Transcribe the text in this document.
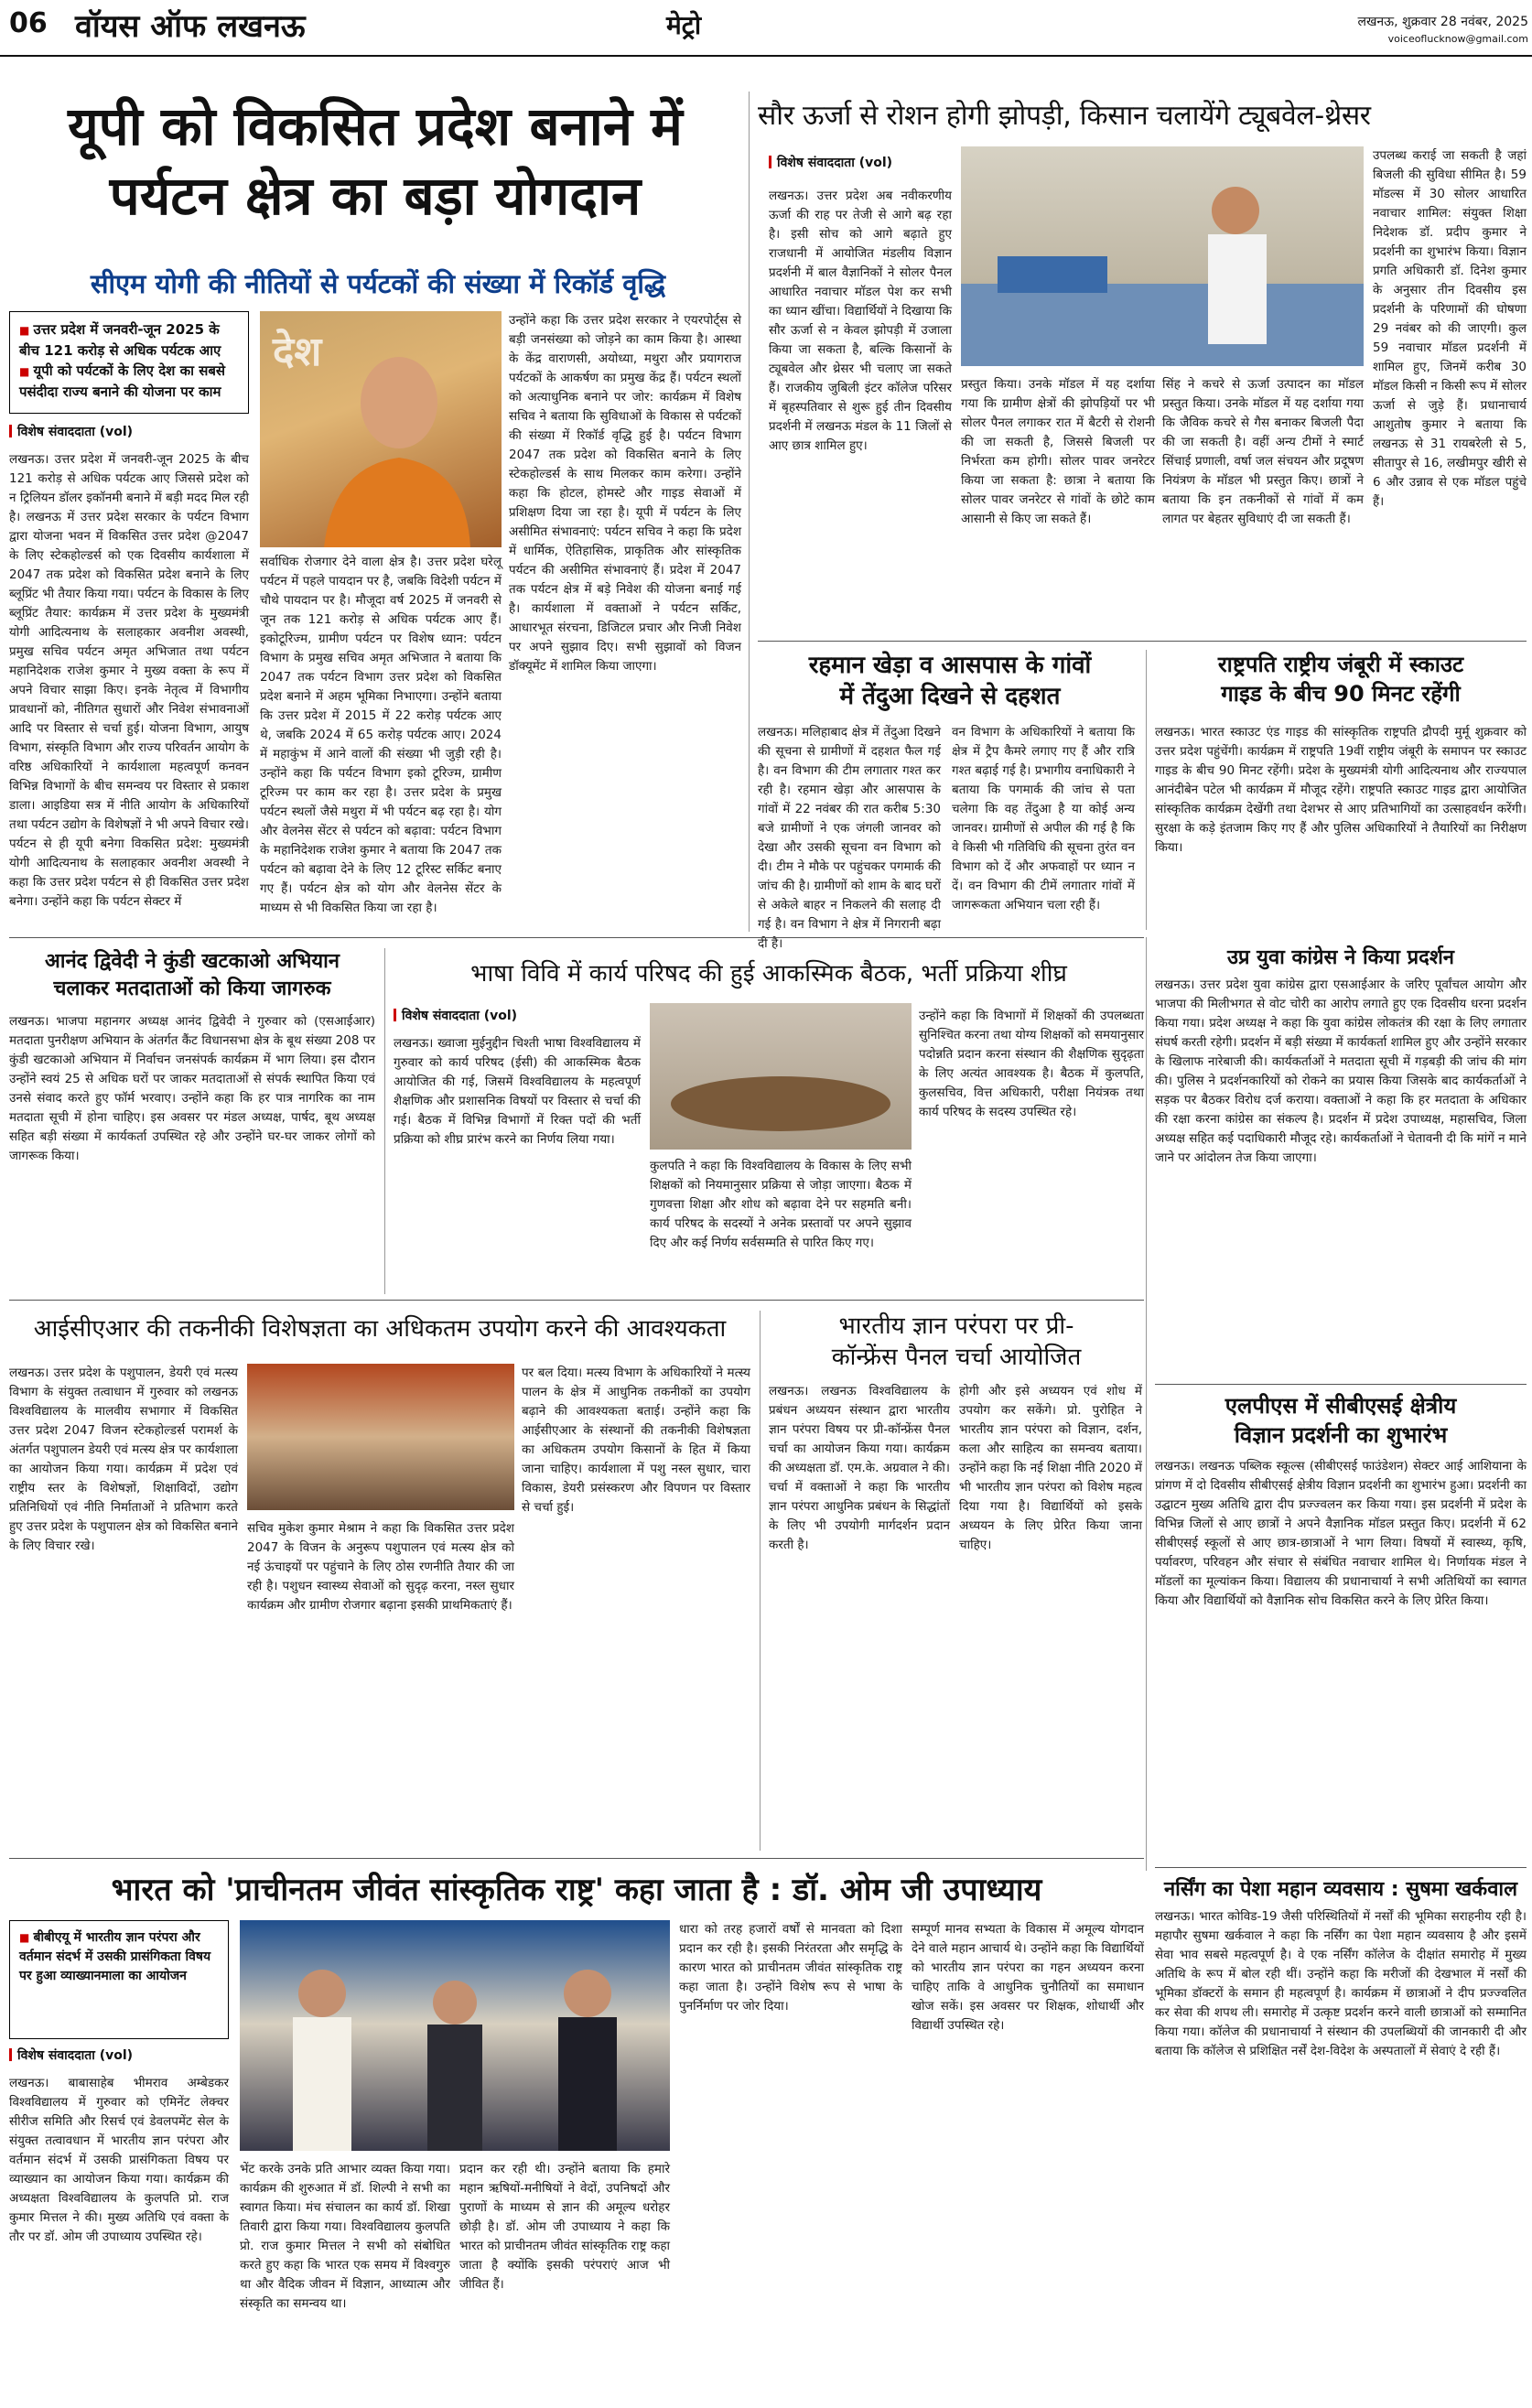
06 वॉयस ऑफ लखनऊ	मेट्रो	लखनऊ, शुक्रवार 28 नवंबर, 2025
voiceoflucknow@gmail.com
यूपी को विकसित प्रदेश बनाने में
पर्यटन क्षेत्र का बड़ा योगदान
सीएम योगी की नीतियों से पर्यटकों की संख्या में रिकॉर्ड वृद्धि
■ उत्तर प्रदेश में जनवरी-जून 2025 के बीच 121 करोड़ से अधिक पर्यटक आए
■ यूपी को पर्यटकों के लिए देश का सबसे पसंदीदा राज्य बनाने की योजना पर काम
विशेष संवाददाता (vol)
लखनऊ। उत्तर प्रदेश में जनवरी-जून 2025 के बीच 121 करोड़ से अधिक पर्यटक आए जिससे प्रदेश को न ट्रिलियन डॉलर इकॉनमी बनाने में बड़ी मदद मिल रही है। लखनऊ में उत्तर प्रदेश सरकार के पर्यटन विभाग द्वारा योजना भवन में विकसित उत्तर प्रदेश @2047 के लिए स्टेकहोल्डर्स को एक दिवसीय कार्यशाला में 2047 तक प्रदेश को विकसित प्रदेश बनाने के लिए ब्लूप्रिंट भी तैयार किया गया। पर्यटन के विकास के लिए ब्लूप्रिंट तैयार: कार्यक्रम में उत्तर प्रदेश के मुख्यमंत्री योगी आदित्यनाथ के सलाहकार अवनीश अवस्थी, प्रमुख सचिव पर्यटन अमृत अभिजात तथा पर्यटन महानिदेशक राजेश कुमार ने मुख्य वक्ता के रूप में अपने विचार साझा किए। इनके नेतृत्व में विभागीय प्रावधानों को, नीतिगत सुधारों और निवेश संभावनाओं आदि पर विस्तार से चर्चा हुई। योजना विभाग, आयुष विभाग, संस्कृति विभाग और राज्य परिवर्तन आयोग के वरिष्ठ अधिकारियों ने कार्यशाला महत्वपूर्ण कनवन विभिन्न विभागों के बीच समन्वय पर विस्तार से प्रकाश डाला। आइडिया सत्र में नीति आयोग के अधिकारियों तथा पर्यटन उद्योग के विशेषज्ञों ने भी अपने विचार रखे। पर्यटन से ही यूपी बनेगा विकसित प्रदेश: मुख्यमंत्री योगी आदित्यनाथ के सलाहकार अवनीश अवस्थी ने कहा कि उत्तर प्रदेश पर्यटन से ही विकसित उत्तर प्रदेश बनेगा। उन्होंने कहा कि पर्यटन सेक्टर में
देश
सर्वाधिक रोजगार देने वाला क्षेत्र है। उत्तर प्रदेश घरेलू पर्यटन में पहले पायदान पर है, जबकि विदेशी पर्यटन में चौथे पायदान पर है। मौजूदा वर्ष 2025 में जनवरी से जून तक 121 करोड़ से अधिक पर्यटक आए हैं। इकोटूरिज्म, ग्रामीण पर्यटन पर विशेष ध्यान: पर्यटन विभाग के प्रमुख सचिव अमृत अभिजात ने बताया कि 2047 तक पर्यटन विभाग उत्तर प्रदेश को विकसित प्रदेश बनाने में अहम भूमिका निभाएगा। उन्होंने बताया कि उत्तर प्रदेश में 2015 में 22 करोड़ पर्यटक आए थे, जबकि 2024 में 65 करोड़ पर्यटक आए। 2024 में महाकुंभ में आने वालों की संख्या भी जुड़ी रही है। उन्होंने कहा कि पर्यटन विभाग इको टूरिज्म, ग्रामीण टूरिज्म पर काम कर रहा है। उत्तर प्रदेश के प्रमुख पर्यटन स्थलों जैसे मथुरा में भी पर्यटन बढ़ रहा है। योग और वेलनेस सेंटर से पर्यटन को बढ़ावा: पर्यटन विभाग के महानिदेशक राजेश कुमार ने बताया कि 2047 तक पर्यटन को बढ़ावा देने के लिए 12 टूरिस्ट सर्किट बनाए गए हैं। पर्यटन क्षेत्र को योग और वेलनेस सेंटर के माध्यम से भी विकसित किया जा रहा है।
उन्होंने कहा कि उत्तर प्रदेश सरकार ने एयरपोर्ट्स से बड़ी जनसंख्या को जोड़ने का काम किया है। आस्था के केंद्र वाराणसी, अयोध्या, मथुरा और प्रयागराज पर्यटकों के आकर्षण का प्रमुख केंद्र हैं। पर्यटन स्थलों को अत्याधुनिक बनाने पर जोर: कार्यक्रम में विशेष सचिव ने बताया कि सुविधाओं के विकास से पर्यटकों की संख्या में रिकॉर्ड वृद्धि हुई है। पर्यटन विभाग 2047 तक प्रदेश को विकसित बनाने के लिए स्टेकहोल्डर्स के साथ मिलकर काम करेगा। उन्होंने कहा कि होटल, होमस्टे और गाइड सेवाओं में प्रशिक्षण दिया जा रहा है। यूपी में पर्यटन के लिए असीमित संभावनाएं: पर्यटन सचिव ने कहा कि प्रदेश में धार्मिक, ऐतिहासिक, प्राकृतिक और सांस्कृतिक पर्यटन की असीमित संभावनाएं हैं। प्रदेश में 2047 तक पर्यटन क्षेत्र में बड़े निवेश की योजना बनाई गई है। कार्यशाला में वक्ताओं ने पर्यटन सर्किट, आधारभूत संरचना, डिजिटल प्रचार और निजी निवेश पर अपने सुझाव दिए। सभी सुझावों को विजन डॉक्यूमेंट में शामिल किया जाएगा।
सौर ऊर्जा से रोशन होगी झोपड़ी, किसान चलायेंगे ट्यूबवेल-थ्रेसर
विशेष संवाददाता (vol)
लखनऊ। उत्तर प्रदेश अब नवीकरणीय ऊर्जा की राह पर तेजी से आगे बढ़ रहा है। इसी सोच को आगे बढ़ाते हुए राजधानी में आयोजित मंडलीय विज्ञान प्रदर्शनी में बाल वैज्ञानिकों ने सोलर पैनल आधारित नवाचार मॉडल पेश कर सभी का ध्यान खींचा। विद्यार्थियों ने दिखाया कि सौर ऊर्जा से न केवल झोपड़ी में उजाला किया जा सकता है, बल्कि किसानों के ट्यूबवेल और थ्रेसर भी चलाए जा सकते हैं। राजकीय जुबिली इंटर कॉलेज परिसर में बृहस्पतिवार से शुरू हुई तीन दिवसीय प्रदर्शनी में लखनऊ मंडल के 11 जिलों से आए छात्र शामिल हुए।
प्रस्तुत किया। उनके मॉडल में यह दर्शाया गया कि ग्रामीण क्षेत्रों की झोपड़ियों पर भी सोलर पैनल लगाकर रात में बैटरी से रोशनी की जा सकती है, जिससे बिजली पर निर्भरता कम होगी। सोलर पावर जनरेटर किया जा सकता है: छात्रा ने बताया कि सोलर पावर जनरेटर से गांवों के छोटे काम आसानी से किए जा सकते हैं।
सिंह ने कचरे से ऊर्जा उत्पादन का मॉडल प्रस्तुत किया। उनके मॉडल में यह दर्शाया गया कि जैविक कचरे से गैस बनाकर बिजली पैदा की जा सकती है। वहीं अन्य टीमों ने स्मार्ट सिंचाई प्रणाली, वर्षा जल संचयन और प्रदूषण नियंत्रण के मॉडल भी प्रस्तुत किए। छात्रों ने बताया कि इन तकनीकों से गांवों में कम लागत पर बेहतर सुविधाएं दी जा सकती हैं।
उपलब्ध कराई जा सकती है जहां बिजली की सुविधा सीमित है। 59 मॉडल्स में 30 सोलर आधारित नवाचार शामिल: संयुक्त शिक्षा निदेशक डॉ. प्रदीप कुमार ने प्रदर्शनी का शुभारंभ किया। विज्ञान प्रगति अधिकारी डॉ. दिनेश कुमार के अनुसार तीन दिवसीय इस प्रदर्शनी के परिणामों की घोषणा 29 नवंबर को की जाएगी। कुल 59 नवाचार मॉडल प्रदर्शनी में शामिल हुए, जिनमें करीब 30 मॉडल किसी न किसी रूप में सोलर ऊर्जा से जुड़े हैं। प्रधानाचार्य आशुतोष कुमार ने बताया कि लखनऊ से 31 रायबरेली से 5, सीतापुर से 16, लखीमपुर खीरी से 6 और उन्नाव से एक मॉडल पहुंचे हैं।
रहमान खेड़ा व आसपास के गांवों
में तेंदुआ दिखने से दहशत
लखनऊ। मलिहाबाद क्षेत्र में तेंदुआ दिखने की सूचना से ग्रामीणों में दहशत फैल गई है। वन विभाग की टीम लगातार गश्त कर रही है। रहमान खेड़ा और आसपास के गांवों में 22 नवंबर की रात करीब 5:30 बजे ग्रामीणों ने एक जंगली जानवर को देखा और उसकी सूचना वन विभाग को दी। टीम ने मौके पर पहुंचकर पगमार्क की जांच की है। ग्रामीणों को शाम के बाद घरों से अकेले बाहर न निकलने की सलाह दी गई है। वन विभाग ने क्षेत्र में निगरानी बढ़ा दी है।
वन विभाग के अधिकारियों ने बताया कि क्षेत्र में ट्रैप कैमरे लगाए गए हैं और रात्रि गश्त बढ़ाई गई है। प्रभागीय वनाधिकारी ने बताया कि पगमार्क की जांच से पता चलेगा कि वह तेंदुआ है या कोई अन्य जानवर। ग्रामीणों से अपील की गई है कि वे किसी भी गतिविधि की सूचना तुरंत वन विभाग को दें और अफवाहों पर ध्यान न दें। वन विभाग की टीमें लगातार गांवों में जागरूकता अभियान चला रही हैं।
राष्ट्रपति राष्ट्रीय जंबूरी में स्काउट
गाइड के बीच 90 मिनट रहेंगी
लखनऊ। भारत स्काउट एंड गाइड की सांस्कृतिक राष्ट्रपति द्रौपदी मुर्मू शुक्रवार को उत्तर प्रदेश पहुंचेंगी। कार्यक्रम में राष्ट्रपति 19वीं राष्ट्रीय जंबूरी के समापन पर स्काउट गाइड के बीच 90 मिनट रहेंगी। प्रदेश के मुख्यमंत्री योगी आदित्यनाथ और राज्यपाल आनंदीबेन पटेल भी कार्यक्रम में मौजूद रहेंगे। राष्ट्रपति स्काउट गाइड द्वारा आयोजित सांस्कृतिक कार्यक्रम देखेंगी तथा देशभर से आए प्रतिभागियों का उत्साहवर्धन करेंगी। सुरक्षा के कड़े इंतजाम किए गए हैं और पुलिस अधिकारियों ने तैयारियों का निरीक्षण किया।
आनंद द्विवेदी ने कुंडी खटकाओ अभियान
चलाकर मतदाताओं को किया जागरुक
लखनऊ। भाजपा महानगर अध्यक्ष आनंद द्विवेदी ने गुरुवार को (एसआईआर) मतदाता पुनरीक्षण अभियान के अंतर्गत कैंट विधानसभा क्षेत्र के बूथ संख्या 208 पर कुंडी खटकाओ अभियान में निर्वाचन जनसंपर्क कार्यक्रम में भाग लिया। इस दौरान उन्होंने स्वयं 25 से अधिक घरों पर जाकर मतदाताओं से संपर्क स्थापित किया एवं उनसे संवाद करते हुए फॉर्म भरवाए। उन्होंने कहा कि हर पात्र नागरिक का नाम मतदाता सूची में होना चाहिए। इस अवसर पर मंडल अध्यक्ष, पार्षद, बूथ अध्यक्ष सहित बड़ी संख्या में कार्यकर्ता उपस्थित रहे और उन्होंने घर-घर जाकर लोगों को जागरूक किया।
भाषा विवि में कार्य परिषद की हुई आकस्मिक बैठक, भर्ती प्रक्रिया शीघ्र
विशेष संवाददाता (vol)
लखनऊ। ख्वाजा मुईनुद्दीन चिश्ती भाषा विश्वविद्यालय में गुरुवार को कार्य परिषद (ईसी) की आकस्मिक बैठक आयोजित की गई, जिसमें विश्वविद्यालय के महत्वपूर्ण शैक्षणिक और प्रशासनिक विषयों पर विस्तार से चर्चा की गई। बैठक में विभिन्न विभागों में रिक्त पदों की भर्ती प्रक्रिया को शीघ्र प्रारंभ करने का निर्णय लिया गया।
कुलपति ने कहा कि विश्वविद्यालय के विकास के लिए सभी शिक्षकों को नियमानुसार प्रक्रिया से जोड़ा जाएगा। बैठक में गुणवत्ता शिक्षा और शोध को बढ़ावा देने पर सहमति बनी। कार्य परिषद के सदस्यों ने अनेक प्रस्तावों पर अपने सुझाव दिए और कई निर्णय सर्वसम्मति से पारित किए गए।
उन्होंने कहा कि विभागों में शिक्षकों की उपलब्धता सुनिश्चित करना तथा योग्य शिक्षकों को समयानुसार पदोन्नति प्रदान करना संस्थान की शैक्षणिक सुदृढ़ता के लिए अत्यंत आवश्यक है। बैठक में कुलपति, कुलसचिव, वित्त अधिकारी, परीक्षा नियंत्रक तथा कार्य परिषद के सदस्य उपस्थित रहे।
उप्र युवा कांग्रेस ने किया प्रदर्शन
लखनऊ। उत्तर प्रदेश युवा कांग्रेस द्वारा एसआईआर के जरिए पूर्वांचल आयोग और भाजपा की मिलीभगत से वोट चोरी का आरोप लगाते हुए एक दिवसीय धरना प्रदर्शन किया गया। प्रदेश अध्यक्ष ने कहा कि युवा कांग्रेस लोकतंत्र की रक्षा के लिए लगातार संघर्ष करती रहेगी। प्रदर्शन में बड़ी संख्या में कार्यकर्ता शामिल हुए और उन्होंने सरकार के खिलाफ नारेबाजी की। कार्यकर्ताओं ने मतदाता सूची में गड़बड़ी की जांच की मांग की। पुलिस ने प्रदर्शनकारियों को रोकने का प्रयास किया जिसके बाद कार्यकर्ताओं ने सड़क पर बैठकर विरोध दर्ज कराया। वक्ताओं ने कहा कि हर मतदाता के अधिकार की रक्षा करना कांग्रेस का संकल्प है। प्रदर्शन में प्रदेश उपाध्यक्ष, महासचिव, जिला अध्यक्ष सहित कई पदाधिकारी मौजूद रहे। कार्यकर्ताओं ने चेतावनी दी कि मांगें न माने जाने पर आंदोलन तेज किया जाएगा।
आईसीएआर की तकनीकी विशेषज्ञता का अधिकतम उपयोग करने की आवश्यकता
लखनऊ। उत्तर प्रदेश के पशुपालन, डेयरी एवं मत्स्य विभाग के संयुक्त तत्वाधान में गुरुवार को लखनऊ विश्वविद्यालय के मालवीय सभागार में विकसित उत्तर प्रदेश 2047 विजन स्टेकहोल्डर्स परामर्श के अंतर्गत पशुपालन डेयरी एवं मत्स्य क्षेत्र पर कार्यशाला का आयोजन किया गया। कार्यक्रम में प्रदेश एवं राष्ट्रीय स्तर के विशेषज्ञों, शिक्षाविदों, उद्योग प्रतिनिधियों एवं नीति निर्माताओं ने प्रतिभाग करते हुए उत्तर प्रदेश के पशुपालन क्षेत्र को विकसित बनाने के लिए विचार रखे।
सचिव मुकेश कुमार मेश्राम ने कहा कि विकसित उत्तर प्रदेश 2047 के विजन के अनुरूप पशुपालन एवं मत्स्य क्षेत्र को नई ऊंचाइयों पर पहुंचाने के लिए ठोस रणनीति तैयार की जा रही है। पशुधन स्वास्थ्य सेवाओं को सुदृढ़ करना, नस्ल सुधार कार्यक्रम और ग्रामीण रोजगार बढ़ाना इसकी प्राथमिकताएं हैं।
पर बल दिया। मत्स्य विभाग के अधिकारियों ने मत्स्य पालन के क्षेत्र में आधुनिक तकनीकों का उपयोग बढ़ाने की आवश्यकता बताई। उन्होंने कहा कि आईसीएआर के संस्थानों की तकनीकी विशेषज्ञता का अधिकतम उपयोग किसानों के हित में किया जाना चाहिए। कार्यशाला में पशु नस्ल सुधार, चारा विकास, डेयरी प्रसंस्करण और विपणन पर विस्तार से चर्चा हुई।
भारतीय ज्ञान परंपरा पर प्री-
कॉन्फ्रेंस पैनल चर्चा आयोजित
लखनऊ। लखनऊ विश्वविद्यालय के प्रबंधन अध्ययन संस्थान द्वारा भारतीय ज्ञान परंपरा विषय पर प्री-कॉन्फ्रेंस पैनल चर्चा का आयोजन किया गया। कार्यक्रम की अध्यक्षता डॉ. एम.के. अग्रवाल ने की। चर्चा में वक्ताओं ने कहा कि भारतीय ज्ञान परंपरा आधुनिक प्रबंधन के सिद्धांतों के लिए भी उपयोगी मार्गदर्शन प्रदान करती है।
होगी और इसे अध्ययन एवं शोध में उपयोग कर सकेंगे। प्रो. पुरोहित ने भारतीय ज्ञान परंपरा को विज्ञान, दर्शन, कला और साहित्य का समन्वय बताया। उन्होंने कहा कि नई शिक्षा नीति 2020 में भी भारतीय ज्ञान परंपरा को विशेष महत्व दिया गया है। विद्यार्थियों को इसके अध्ययन के लिए प्रेरित किया जाना चाहिए।
एलपीएस में सीबीएसई क्षेत्रीय
विज्ञान प्रदर्शनी का शुभारंभ
लखनऊ। लखनऊ पब्लिक स्कूल्स (सीबीएसई फाउंडेशन) सेक्टर आई आशियाना के प्रांगण में दो दिवसीय सीबीएसई क्षेत्रीय विज्ञान प्रदर्शनी का शुभारंभ हुआ। प्रदर्शनी का उद्घाटन मुख्य अतिथि द्वारा दीप प्रज्ज्वलन कर किया गया। इस प्रदर्शनी में प्रदेश के विभिन्न जिलों से आए छात्रों ने अपने वैज्ञानिक मॉडल प्रस्तुत किए। प्रदर्शनी में 62 सीबीएसई स्कूलों से आए छात्र-छात्राओं ने भाग लिया। विषयों में स्वास्थ्य, कृषि, पर्यावरण, परिवहन और संचार से संबंधित नवाचार शामिल थे। निर्णायक मंडल ने मॉडलों का मूल्यांकन किया। विद्यालय की प्रधानाचार्या ने सभी अतिथियों का स्वागत किया और विद्यार्थियों को वैज्ञानिक सोच विकसित करने के लिए प्रेरित किया।
भारत को 'प्राचीनतम जीवंत सांस्कृतिक राष्ट्र' कहा जाता है : डॉ. ओम जी उपाध्याय
■ बीबीएयू में भारतीय ज्ञान परंपरा और वर्तमान संदर्भ में उसकी प्रासंगिकता विषय पर हुआ व्याख्यानमाला का आयोजन
विशेष संवाददाता (vol)
लखनऊ। बाबासाहेब भीमराव अम्बेडकर विश्वविद्यालय में गुरुवार को एमिनेंट लेक्चर सीरीज समिति और रिसर्च एवं डेवलपमेंट सेल के संयुक्त तत्वावधान में भारतीय ज्ञान परंपरा और वर्तमान संदर्भ में उसकी प्रासंगिकता विषय पर व्याख्यान का आयोजन किया गया। कार्यक्रम की अध्यक्षता विश्वविद्यालय के कुलपति प्रो. राज कुमार मित्तल ने की। मुख्य अतिथि एवं वक्ता के तौर पर डॉ. ओम जी उपाध्याय उपस्थित रहे।
भेंट करके उनके प्रति आभार व्यक्त किया गया। कार्यक्रम की शुरुआत में डॉ. शिल्पी ने सभी का स्वागत किया। मंच संचालन का कार्य डॉ. शिखा तिवारी द्वारा किया गया। विश्वविद्यालय कुलपति प्रो. राज कुमार मित्तल ने सभी को संबोधित करते हुए कहा कि भारत एक समय में विश्वगुरु था और वैदिक जीवन में विज्ञान, आध्यात्म और संस्कृति का समन्वय था।
प्रदान कर रही थी। उन्होंने बताया कि हमारे महान ऋषियों-मनीषियों ने वेदों, उपनिषदों और पुराणों के माध्यम से ज्ञान की अमूल्य धरोहर छोड़ी है। डॉ. ओम जी उपाध्याय ने कहा कि भारत को प्राचीनतम जीवंत सांस्कृतिक राष्ट्र कहा जाता है क्योंकि इसकी परंपराएं आज भी जीवित हैं।
धारा को तरह हजारों वर्षों से मानवता को दिशा प्रदान कर रही है। इसकी निरंतरता और समृद्धि के कारण भारत को प्राचीनतम जीवंत सांस्कृतिक राष्ट्र कहा जाता है। उन्होंने विशेष रूप से भाषा के पुनर्निर्माण पर जोर दिया।
सम्पूर्ण मानव सभ्यता के विकास में अमूल्य योगदान देने वाले महान आचार्य थे। उन्होंने कहा कि विद्यार्थियों को भारतीय ज्ञान परंपरा का गहन अध्ययन करना चाहिए ताकि वे आधुनिक चुनौतियों का समाधान खोज सकें। इस अवसर पर शिक्षक, शोधार्थी और विद्यार्थी उपस्थित रहे।
नर्सिंग का पेशा महान व्यवसाय : सुषमा खर्कवाल
लखनऊ। भारत कोविड-19 जैसी परिस्थितियों में नर्सों की भूमिका सराहनीय रही है। महापौर सुषमा खर्कवाल ने कहा कि नर्सिंग का पेशा महान व्यवसाय है और इसमें सेवा भाव सबसे महत्वपूर्ण है। वे एक नर्सिंग कॉलेज के दीक्षांत समारोह में मुख्य अतिथि के रूप में बोल रही थीं। उन्होंने कहा कि मरीजों की देखभाल में नर्सों की भूमिका डॉक्टरों के समान ही महत्वपूर्ण है। कार्यक्रम में छात्राओं ने दीप प्रज्ज्वलित कर सेवा की शपथ ली। समारोह में उत्कृष्ट प्रदर्शन करने वाली छात्राओं को सम्मानित किया गया। कॉलेज की प्रधानाचार्या ने संस्थान की उपलब्धियों की जानकारी दी और बताया कि कॉलेज से प्रशिक्षित नर्सें देश-विदेश के अस्पतालों में सेवाएं दे रही हैं।
